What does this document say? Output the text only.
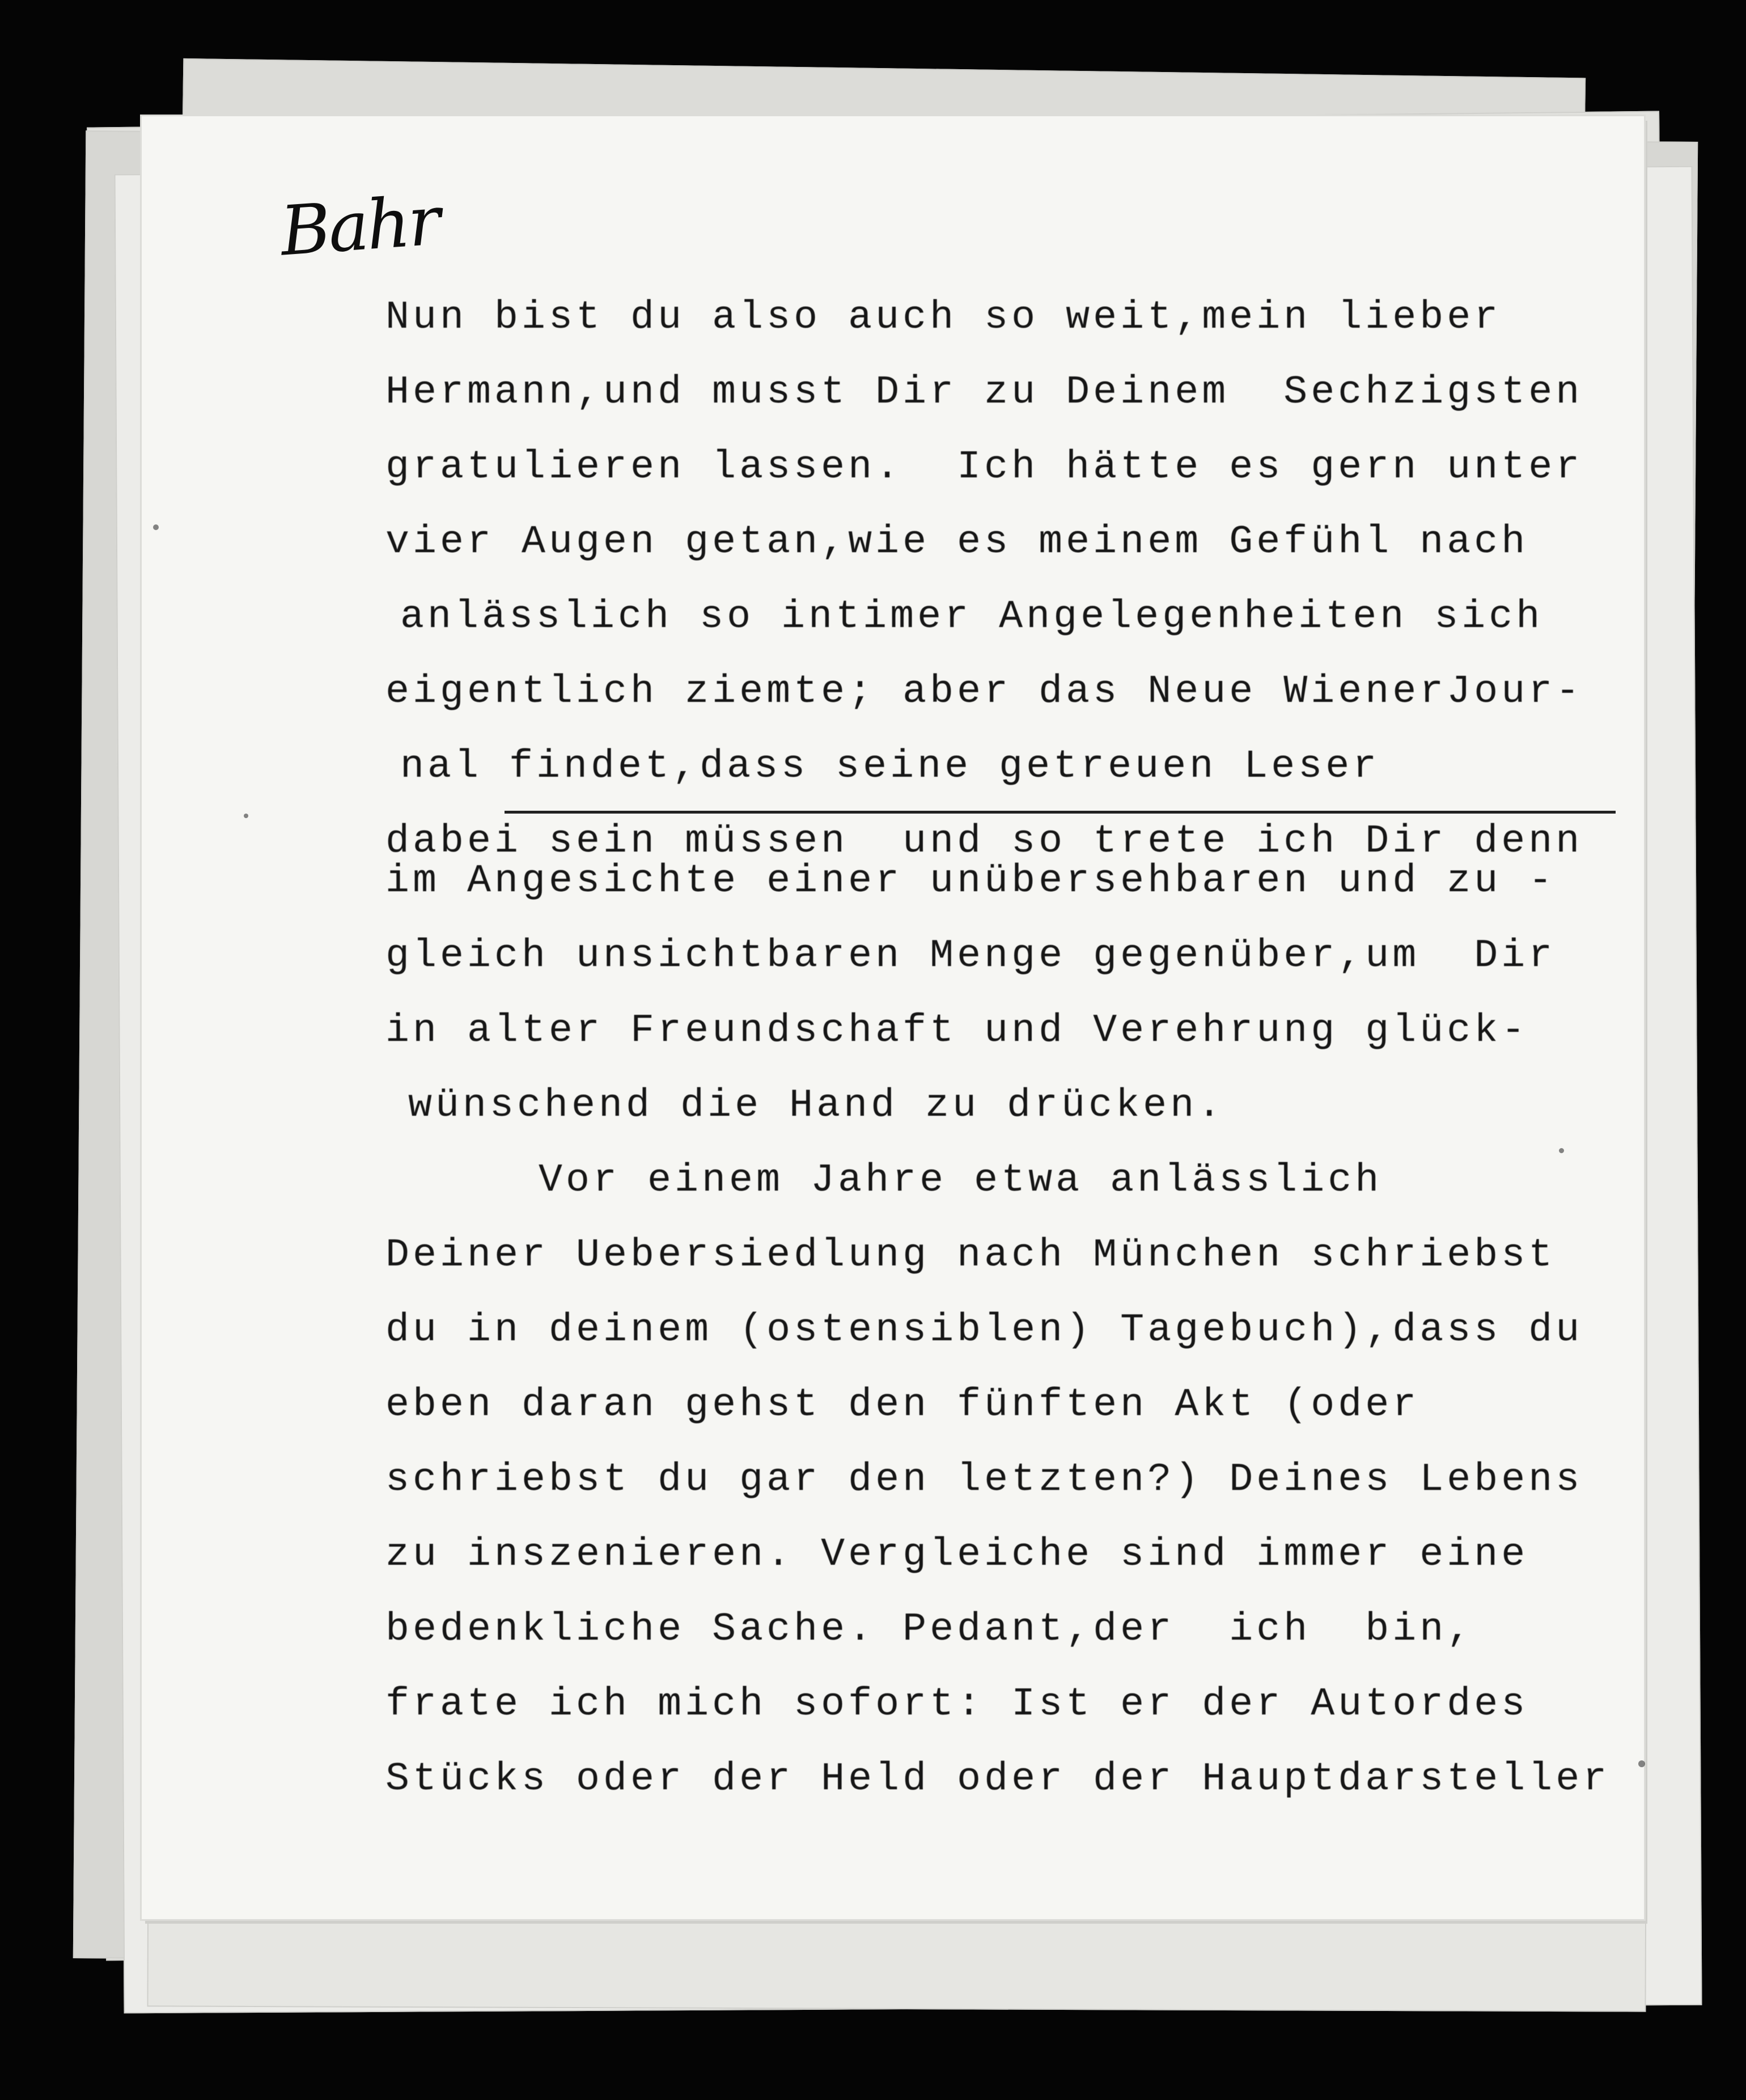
Bahr
Nun bist du also auch so weit,mein lieber
Hermann,und musst Dir zu Deinem  Sechzigsten
gratulieren lassen.  Ich hätte es gern unter
vier Augen getan,wie es meinem Gefühl nach
anlässlich so intimer Angelegenheiten sich
eigentlich ziemte; aber das Neue WienerJour-
nal findet,dass seine getreuen Leser
dabei sein müssen  und so trete ich Dir denn
im Angesichte einer unübersehbaren und zu -
gleich unsichtbaren Menge gegenüber,um  Dir
in alter Freundschaft und Verehrung glück-
wünschend die Hand zu drücken.
Vor einem Jahre etwa anlässlich
Deiner Uebersiedlung nach München schriebst
du in deinem (ostensiblen) Tagebuch),dass du
eben daran gehst den fünften Akt (oder
schriebst du gar den letzten?) Deines Lebens
zu inszenieren. Vergleiche sind immer eine
bedenkliche Sache. Pedant,der  ich  bin,
frate ich mich sofort: Ist er der Autordes
Stücks oder der Held oder der Hauptdarsteller
